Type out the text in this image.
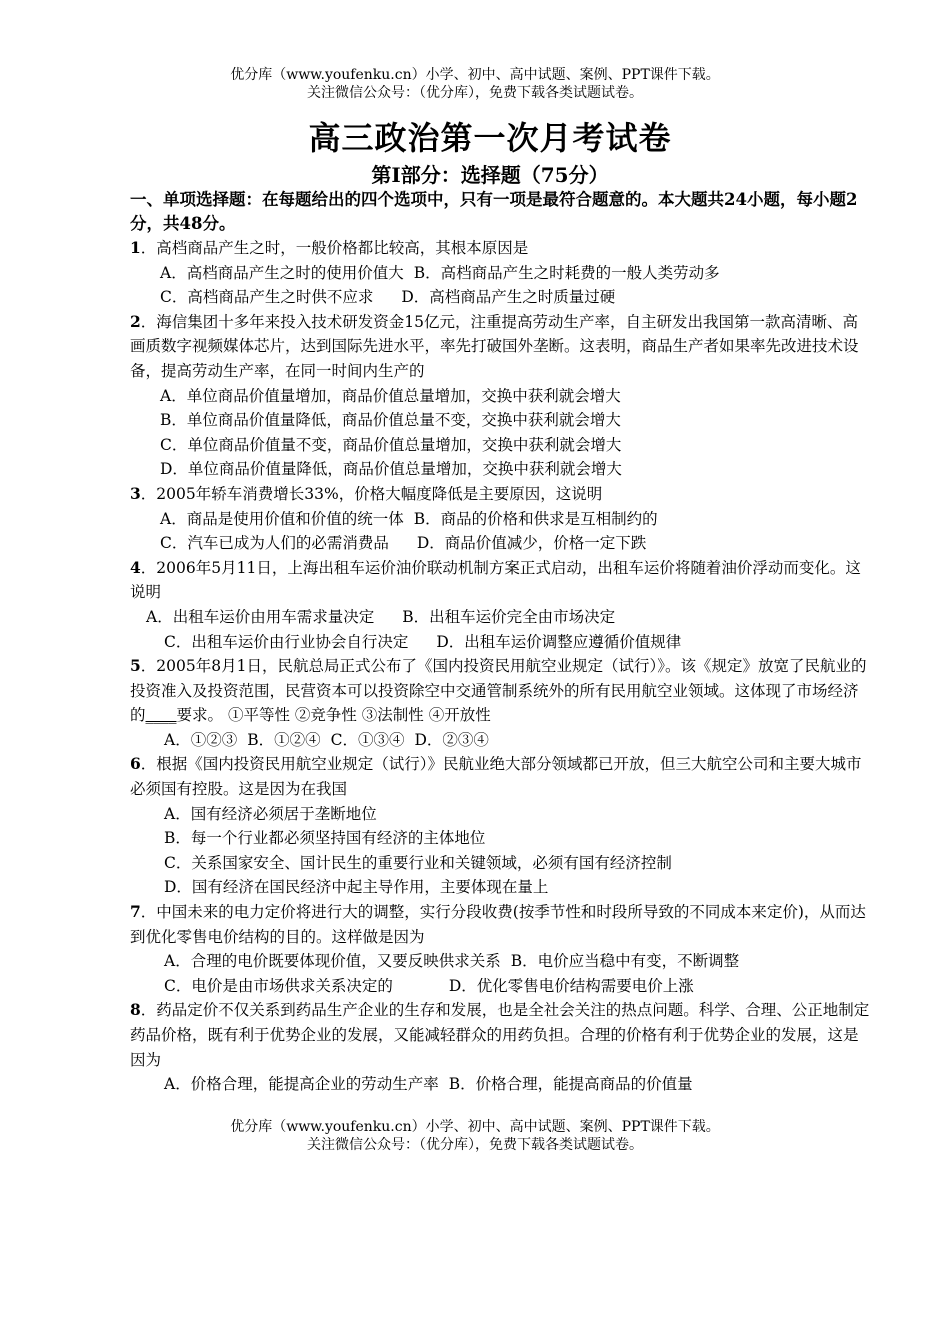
优分库（www.youfenku.cn）小学、初中、高中试题、案例、PPT课件下载。
关注微信公众号：（优分库），免费下载各类试题试卷。
高三政治第一次月考试卷
第Ⅰ部分：选择题（75分）

一、单项选择题：在每题给出的四个选项中，只有一项是最符合题意的。本大题共24小题，每小题2分，共48分。

1．高档商品产生之时，一般价格都比较高，其根本原因是

A．高档商品产生之时的使用价值大 B．高档商品产生之时耗费的一般人类劳动多

C．高档商品产生之时供不应求 D．高档商品产生之时质量过硬

2．海信集团十多年来投入技术研发资金15亿元，注重提高劳动生产率，自主研发出我国第一款高清晰、高画质数字视频媒体芯片，达到国际先进水平，率先打破国外垄断。这表明，商品生产者如果率先改进技术设备，提高劳动生产率，在同一时间内生产的

A．单位商品价值量增加，商品价值总量增加，交换中获利就会增大

B．单位商品价值量降低，商品价值总量不变，交换中获利就会增大

C．单位商品价值量不变，商品价值总量增加，交换中获利就会增大

D．单位商品价值量降低，商品价值总量增加，交换中获利就会增大

3．2005年轿车消费增长33%，价格大幅度降低是主要原因，这说明

A．商品是使用价值和价值的统一体 B．商品的价格和供求是互相制约的

C．汽车已成为人们的必需消费品 D．商品价值减少，价格一定下跌

4．2006年5月11日，上海出租车运价油价联动机制方案正式启动，出租车运价将随着油价浮动而变化。这说明

A．出租车运价由用车需求量决定 B．出租车运价完全由市场决定

C．出租车运价由行业协会自行决定 D．出租车运价调整应遵循价值规律

5．2005年8月1日，民航总局正式公布了《国内投资民用航空业规定（试行）》。该《规定》放宽了民航业的投资准入及投资范围，民营资本可以投资除空中交通管制系统外的所有民用航空业领域。这体现了市场经济的____要求。 ①平等性 ②竞争性 ③法制性 ④开放性

A．①②③ B．①②④ C．①③④ D．②③④

6．根据《国内投资民用航空业规定（试行）》民航业绝大部分领域都已开放，但三大航空公司和主要大城市必须国有控股。这是因为在我国

A．国有经济必须居于垄断地位

B．每一个行业都必须坚持国有经济的主体地位

C．关系国家安全、国计民生的重要行业和关键领域，必须有国有经济控制

D．国有经济在国民经济中起主导作用，主要体现在量上

7．中国未来的电力定价将进行大的调整，实行分段收费(按季节性和时段所导致的不同成本来定价)，从而达到优化零售电价结构的目的。这样做是因为

A．合理的电价既要体现价值，又要反映供求关系 B．电价应当稳中有变，不断调整

C．电价是由市场供求关系决定的	D．优化零售电价结构需要电价上涨

8．药品定价不仅关系到药品生产企业的生存和发展，也是全社会关注的热点问题。科学、合理、公正地制定药品价格，既有利于优势企业的发展，又能减轻群众的用药负担。合理的价格有利于优势企业的发展，这是因为

A．价格合理，能提高企业的劳动生产率 B．价格合理，能提高商品的价值量

优分库（www.youfenku.cn）小学、初中、高中试题、案例、PPT课件下载。
关注微信公众号：（优分库），免费下载各类试题试卷。
